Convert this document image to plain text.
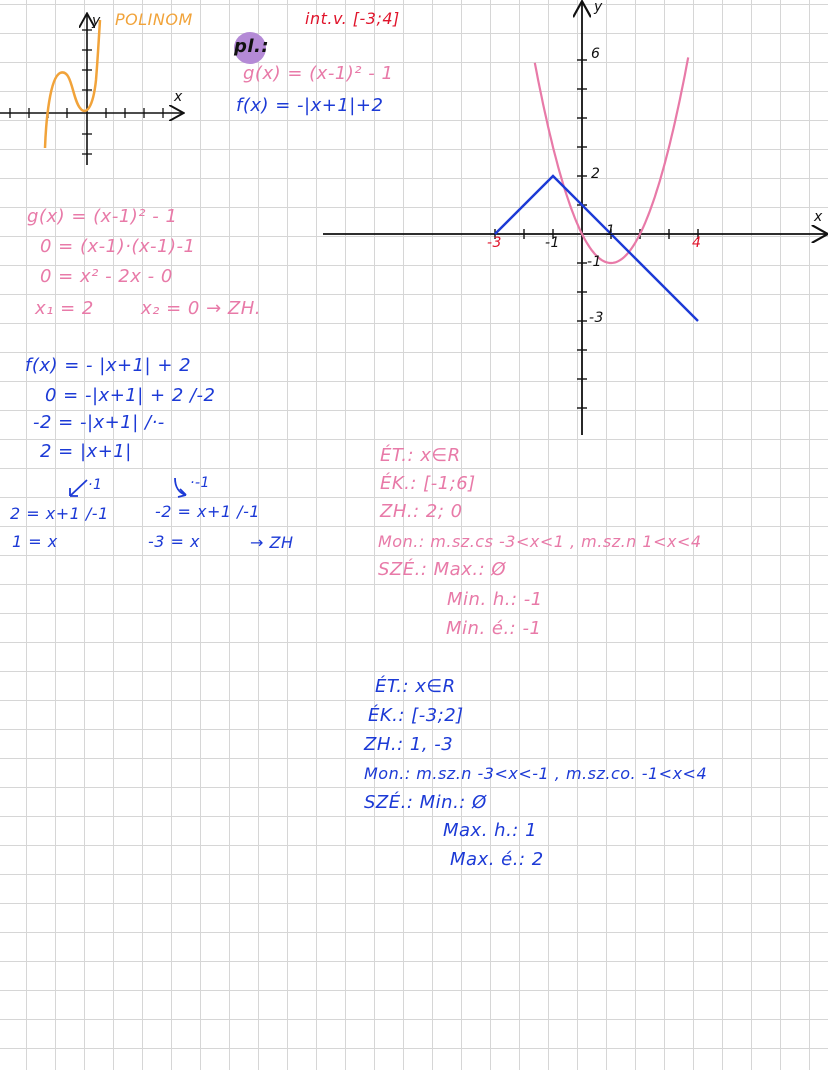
POLINOM
y
x
int.v. [-3;4]
pl.:
g(x) = (x-1)² - 1
f(x) = -|x+1|+2
y
x
6
2
-1
-3
-3	-1
1
4
g(x) = (x-1)² - 1
0 = (x-1)·(x-1)-1
0 = x² - 2x - 0
x₁ = 2	x₂ = 0 → ZH.
f(x) = - |x+1| + 2
0 = -|x+1| + 2 /-2
-2 = -|x+1| /·-
2 = |x+1|
·1	·-1
2 = x+1 /-1
1 = x
-2 = x+1 /-1
-3 = x	→ ZH
ÉT.: x∈R
ÉK.: [-1;6]
ZH.: 2; 0
Mon.: m.sz.cs -3<x<1 , m.sz.n 1<x<4
SZÉ.: Max.: Ø
Min. h.: -1
Min. é.: -1
ÉT.: x∈R
ÉK.: [-3;2]
ZH.: 1, -3
Mon.: m.sz.n -3<x<-1 , m.sz.co. -1<x<4
SZÉ.: Min.: Ø
Max. h.: 1
Max. é.: 2
